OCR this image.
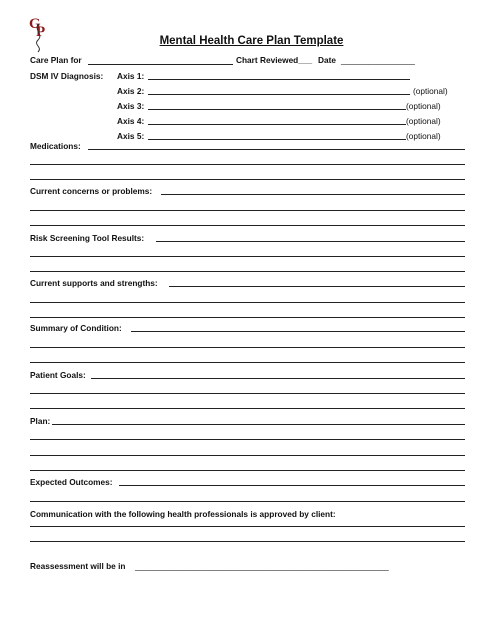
G
P
Mental Health Care Plan Template
Care Plan for	Chart Reviewed___ Date ________________
DSM IV Diagnosis: Axis 1:
Axis 2:	(optional)
Axis 3:	(optional)
Axis 4:	(optional)
Axis 5:	(optional)
Medications:
Current concerns or problems:
Risk Screening Tool Results:
Current supports and strengths:
Summary of Condition:
Patient Goals:
Plan:
Expected Outcomes:
Communication with the following health professionals is approved by client:
Reassessment will be in _______________________________________________________
